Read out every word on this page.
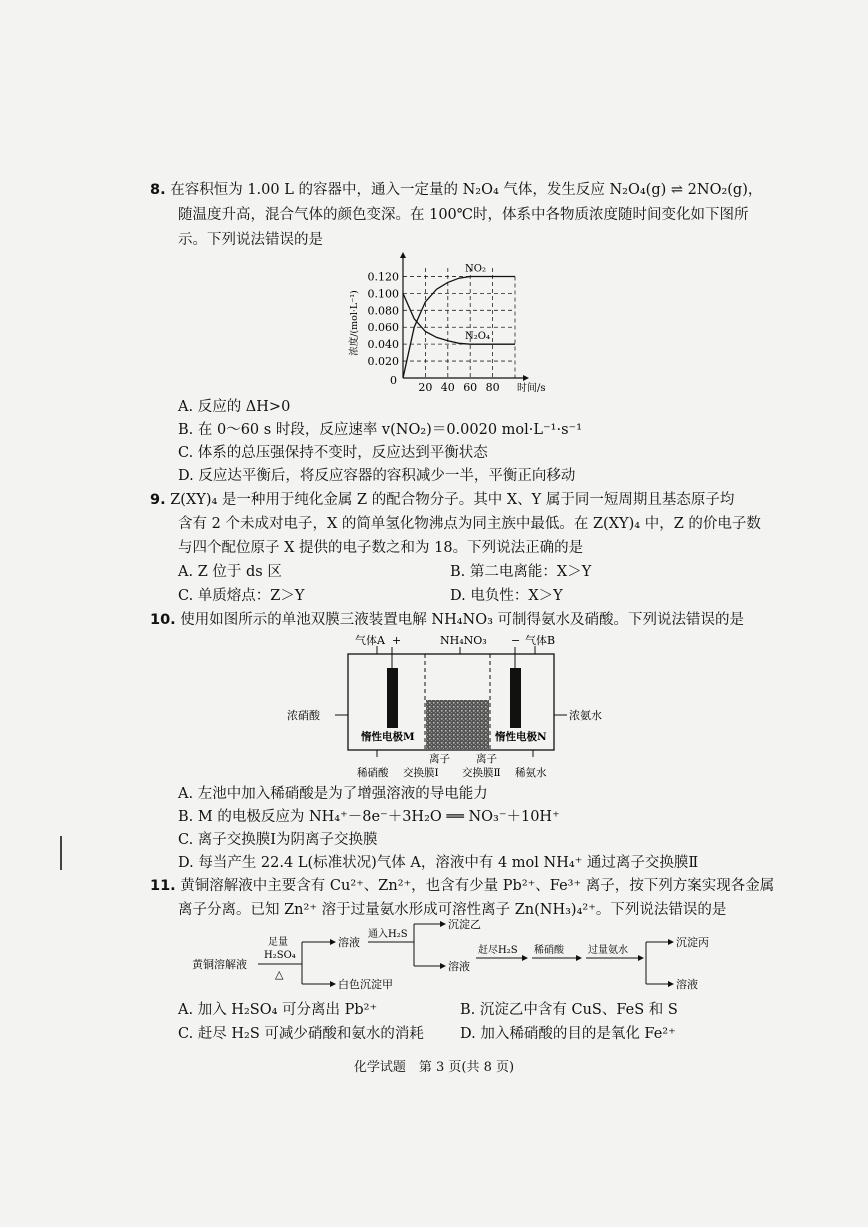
8. 在容积恒为 1.00 L 的容器中，通入一定量的 N₂O₄ 气体，发生反应 N₂O₄(g) ⇌ 2NO₂(g)，
随温度升高，混合气体的颜色变深。在 100℃时，体系中各物质浓度随时间变化如下图所
示。下列说法错误的是
0.020
0.040
0.060
0.080
0.100
0.120
20 40 60 80
0
时间/s
浓度/(mol·L⁻¹)
NO₂
N₂O₄
A. 反应的 ΔH>0
B. 在 0～60 s 时段，反应速率 v(NO₂)＝0.0020 mol·L⁻¹·s⁻¹
C. 体系的总压强保持不变时，反应达到平衡状态
D. 反应达平衡后，将反应容器的容积减少一半，平衡正向移动
9. Z(XY)₄ 是一种用于纯化金属 Z 的配合物分子。其中 X、Y 属于同一短周期且基态原子均
含有 2 个未成对电子，X 的简单氢化物沸点为同主族中最低。在 Z(XY)₄ 中，Z 的价电子数
与四个配位原子 X 提供的电子数之和为 18。下列说法正确的是
A. Z 位于 ds 区	B. 第二电离能：X＞Y
C. 单质熔点：Z＞Y	D. 电负性：X＞Y
10. 使用如图所示的单池双膜三液装置电解 NH₄NO₃ 可制得氨水及硝酸。下列说法错误的是
气体A +	NH₄NO₃ − 气体B
浓硝酸	浓氨水
惰性电极M	惰性电极N
离子 离子
稀硝酸 交换膜Ⅰ 交换膜Ⅱ 稀氨水
A. 左池中加入稀硝酸是为了增强溶液的导电能力
B. M 的电极反应为 NH₄⁺－8e⁻＋3H₂O ══ NO₃⁻＋10H⁺
C. 离子交换膜Ⅰ为阴离子交换膜
D. 每当产生 22.4 L(标准状况)气体 A，溶液中有 4 mol NH₄⁺ 通过离子交换膜Ⅱ
11. 黄铜溶解液中主要含有 Cu²⁺、Zn²⁺，也含有少量 Pb²⁺、Fe³⁺ 离子，按下列方案实现各金属
离子分离。已知 Zn²⁺ 溶于过量氨水形成可溶性离子 Zn(NH₃)₄²⁺。下列说法错误的是
黄铜溶解液
足量
H₂SO₄
△
溶液
白色沉淀甲
通入H₂S
沉淀乙
溶液
赶尽H₂S 稀硝酸 过量氨水
沉淀丙
溶液
A. 加入 H₂SO₄ 可分离出 Pb²⁺	B. 沉淀乙中含有 CuS、FeS 和 S
C. 赶尽 H₂S 可减少硝酸和氨水的消耗 D. 加入稀硝酸的目的是氧化 Fe²⁺
化学试题　第 3 页(共 8 页)
